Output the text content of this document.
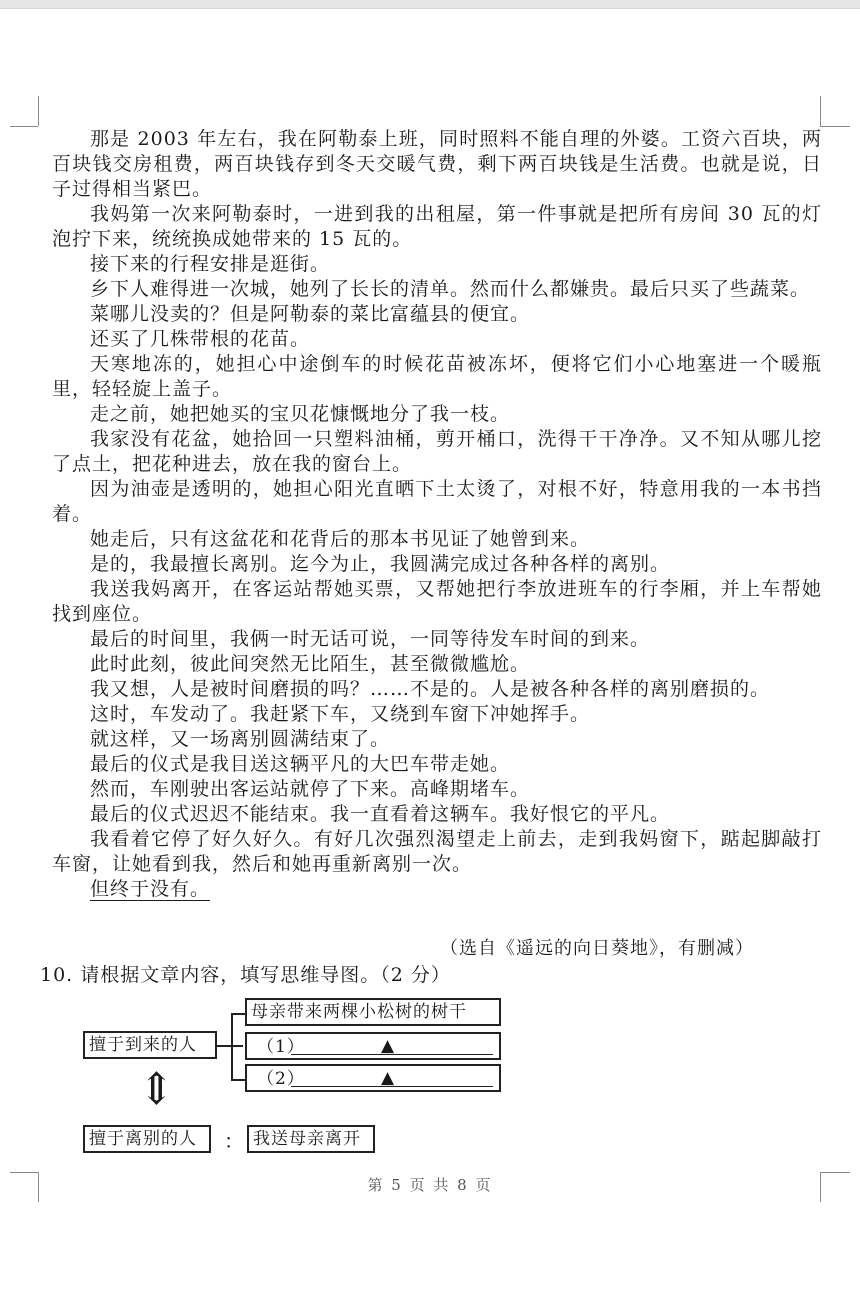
那是 2003 年左右，我在阿勒泰上班，同时照料不能自理的外婆。工资六百块，两百块钱交房租费，两百块钱存到冬天交暖气费，剩下两百块钱是生活费。也就是说，日子过得相当紧巴。

我妈第一次来阿勒泰时，一进到我的出租屋，第一件事就是把所有房间 30 瓦的灯泡拧下来，统统换成她带来的 15 瓦的。

接下来的行程安排是逛街。

乡下人难得进一次城，她列了长长的清单。然而什么都嫌贵。最后只买了些蔬菜。

菜哪儿没卖的？但是阿勒泰的菜比富蕴县的便宜。

还买了几株带根的花苗。

天寒地冻的，她担心中途倒车的时候花苗被冻坏，便将它们小心地塞进一个暖瓶里，轻轻旋上盖子。

走之前，她把她买的宝贝花慷慨地分了我一枝。

我家没有花盆，她拾回一只塑料油桶，剪开桶口，洗得干干净净。又不知从哪儿挖了点土，把花种进去，放在我的窗台上。

因为油壶是透明的，她担心阳光直晒下土太烫了，对根不好，特意用我的一本书挡着。

她走后，只有这盆花和花背后的那本书见证了她曾到来。

是的，我最擅长离别。迄今为止，我圆满完成过各种各样的离别。

我送我妈离开，在客运站帮她买票，又帮她把行李放进班车的行李厢，并上车帮她找到座位。

最后的时间里，我俩一时无话可说，一同等待发车时间的到来。

此时此刻，彼此间突然无比陌生，甚至微微尴尬。

我又想，人是被时间磨损的吗？……不是的。人是被各种各样的离别磨损的。

这时，车发动了。我赶紧下车，又绕到车窗下冲她挥手。

就这样，又一场离别圆满结束了。

最后的仪式是我目送这辆平凡的大巴车带走她。

然而，车刚驶出客运站就停了下来。高峰期堵车。

最后的仪式迟迟不能结束。我一直看着这辆车。我好恨它的平凡。

我看着它停了好久好久。有好几次强烈渴望走上前去，走到我妈窗下，踮起脚敲打车窗，让她看到我，然后和她再重新离别一次。

但终于没有。

（选自《遥远的向日葵地》，有删减）
10. 请根据文章内容，填写思维导图。（2 分）
擅于到来的人
母亲带来两棵小松树的树干
（1）	▲
（2）	▲
⇕
擅于离别的人	： 我送母亲离开
第 5 页 共 8 页
